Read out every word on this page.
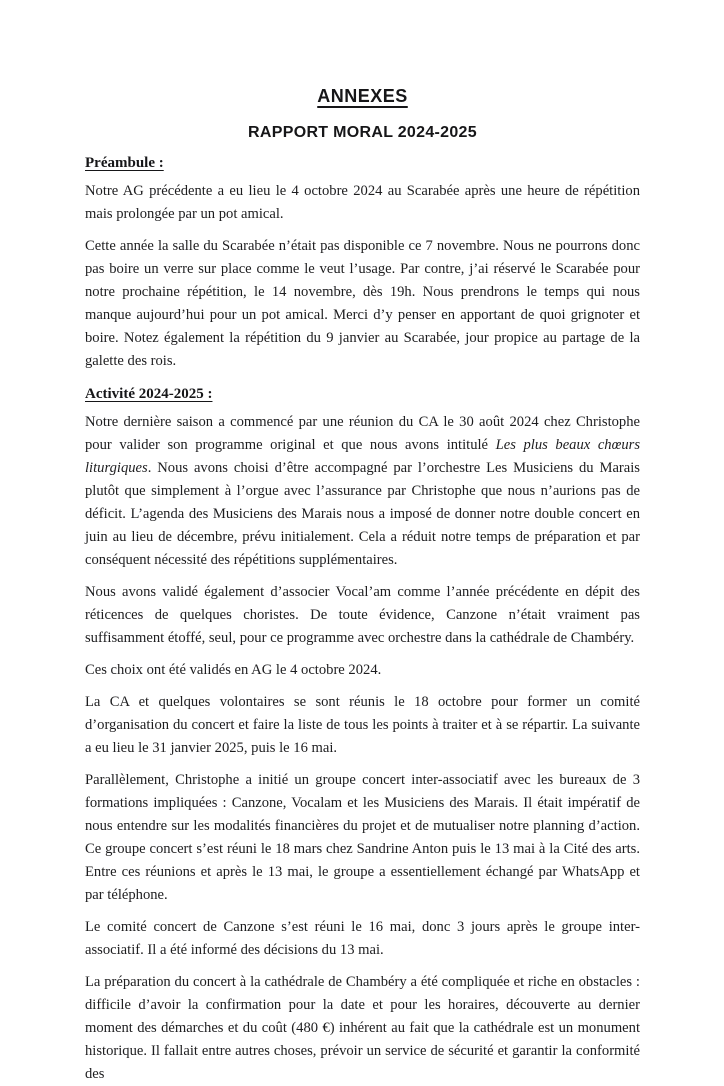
ANNEXES
RAPPORT MORAL 2024-2025
Préambule :

Notre AG précédente a eu lieu le 4 octobre 2024 au Scarabée après une heure de répétition mais prolongée par un pot amical.

Cette année la salle du Scarabée n’était pas disponible ce 7 novembre. Nous ne pourrons donc pas boire un verre sur place comme le veut l’usage. Par contre, j’ai réservé le Scarabée pour notre prochaine répétition, le 14 novembre, dès 19h. Nous prendrons le temps qui nous manque aujourd’hui pour un pot amical. Merci d’y penser en apportant de quoi grignoter et boire. Notez également la répétition du 9 janvier au Scarabée, jour propice au partage de la galette des rois.

Activité 2024-2025 :

Notre dernière saison a commencé par une réunion du CA le 30 août 2024 chez Christophe pour valider son programme original et que nous avons intitulé Les plus beaux chœurs liturgiques. Nous avons choisi d’être accompagné par l’orchestre Les Musiciens du Marais plutôt que simplement à l’orgue avec l’assurance par Christophe que nous n’aurions pas de déficit. L’agenda des Musiciens des Marais nous a imposé de donner notre double concert en juin au lieu de décembre, prévu initialement. Cela a réduit notre temps de préparation et par conséquent nécessité des répétitions supplémentaires.

Nous avons validé également d’associer Vocal’am comme l’année précédente en dépit des réticences de quelques choristes. De toute évidence, Canzone n’était vraiment pas suffisamment étoffé, seul, pour ce programme avec orchestre dans la cathédrale de Chambéry.

Ces choix ont été validés en AG le 4 octobre 2024.

La CA et quelques volontaires se sont réunis le 18 octobre pour former un comité d’organisation du concert et faire la liste de tous les points à traiter et à se répartir. La suivante a eu lieu le 31 janvier 2025, puis le 16 mai.

Parallèlement, Christophe a initié un groupe concert inter-associatif avec les bureaux de 3 formations impliquées : Canzone, Vocalam et les Musiciens des Marais. Il était impératif de nous entendre sur les modalités financières du projet et de mutualiser notre planning d’action. Ce groupe concert s’est réuni le 18 mars chez Sandrine Anton puis le 13 mai à la Cité des arts. Entre ces réunions et après le 13 mai, le groupe a essentiellement échangé par WhatsApp et par téléphone.

Le comité concert de Canzone s’est réuni le 16 mai, donc 3 jours après le groupe inter-associatif. Il a été informé des décisions du 13 mai.

La préparation du concert à la cathédrale de Chambéry a été compliquée et riche en obstacles : difficile d’avoir la confirmation pour la date et pour les horaires, découverte au dernier moment des démarches et du coût (480 €) inhérent au fait que la cathédrale est un monument historique. Il fallait entre autres choses, prévoir un service de sécurité et garantir la conformité des
